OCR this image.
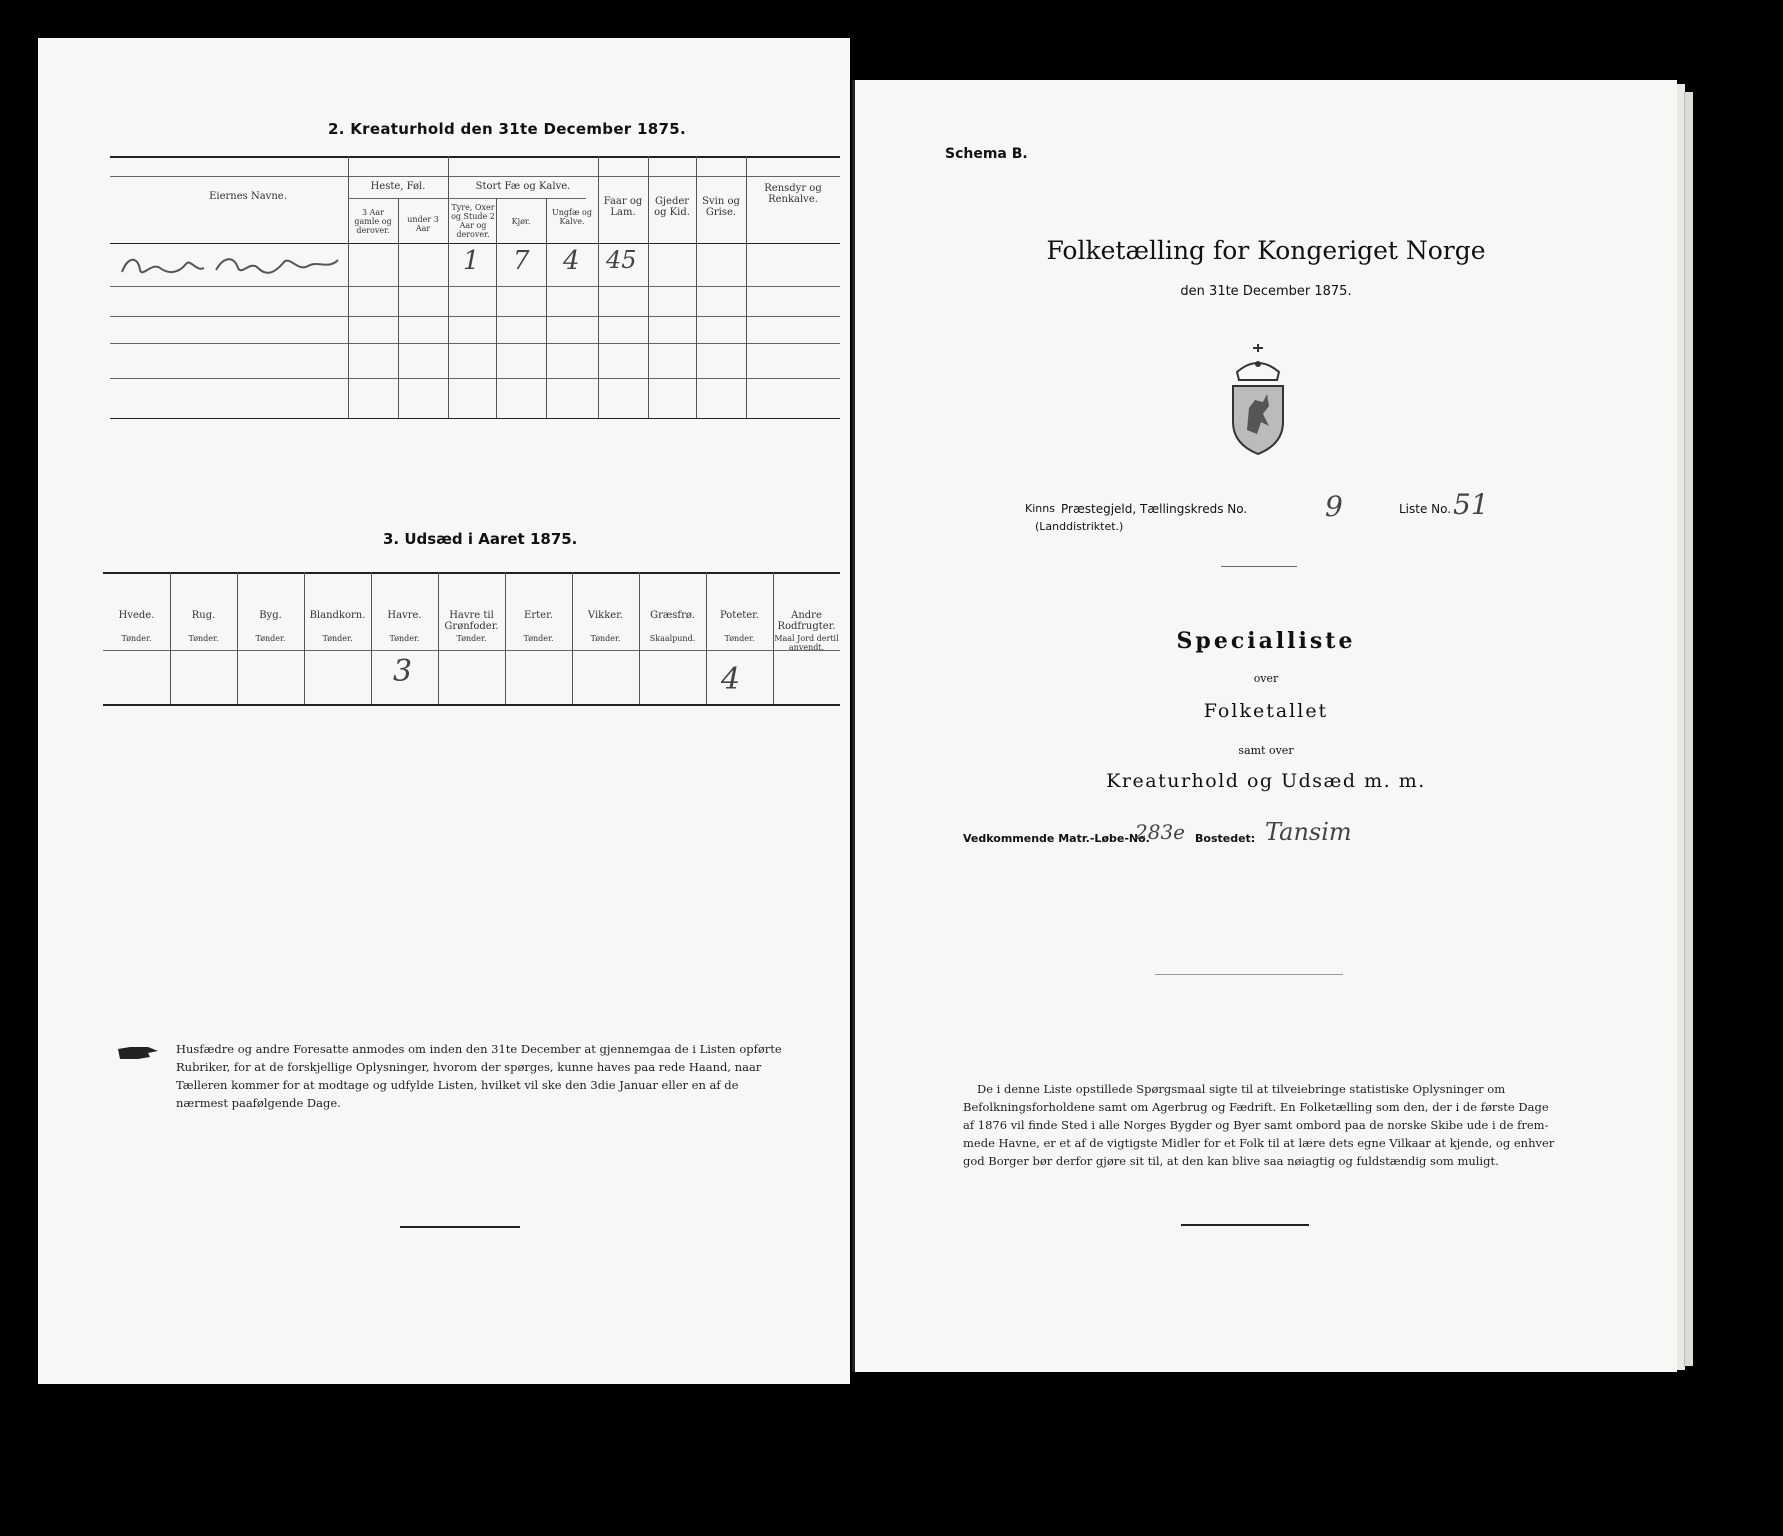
2. Kreaturhold den 31te December 1875.
Eiernes Navne.
Heste, Føl.
3 Aar gamle og derover.
under 3 Aar
Stort Fæ og Kalve.
Tyre, Oxer og Stude 2 Aar og derover.
Kjør.
Ungfæ og Kalve.
Faar og Lam.
Gjeder og Kid.
Svin og Grise.
Rensdyr og Renkalve.
1 7 4 45
3. Udsæd i Aaret 1875.
Hvede.
Tønder.
Rug.
Tønder.
Byg.
Tønder.
Blandkorn.
Tønder.
Havre.
Tønder.
Havre til Grønfoder.
Tønder.
Erter.
Tønder.
Vikker.
Tønder.
Græsfrø.
Skaalpund.
Poteter.
Tønder.
Andre Rodfrugter.
Maal Jord dertil anvendt.
3	4
Husfædre og andre Foresatte anmodes om inden den 31te December at gjennemgaa de i Listen opførte
Rubriker, for at de forskjellige Oplysninger, hvorom der spørges, kunne haves paa rede Haand, naar
Tælleren kommer for at modtage og udfylde Listen, hvilket vil ske den 3die Januar eller en af de
nærmest paafølgende Dage.
Schema B.
Folketælling for Kongeriget Norge
den 31te December 1875.
Kinns Præstegjeld, Tællingskreds No.
(Landdistriktet.)
9	Liste No. 51
Specialliste
over
Folketallet
samt over
Kreaturhold og Udsæd m. m.
Vedkommende Matr.-Løbe-No.
283e Bostedet: Tansim
De i denne Liste opstillede Spørgsmaal sigte til at tilveiebringe statistiske Oplysninger om
Befolkningsforholdene samt om Agerbrug og Fædrift. En Folketælling som den, der i de første Dage
af 1876 vil finde Sted i alle Norges Bygder og Byer samt ombord paa de norske Skibe ude i de frem-
mede Havne, er et af de vigtigste Midler for et Folk til at lære dets egne Vilkaar at kjende, og enhver
god Borger bør derfor gjøre sit til, at den kan blive saa nøiagtig og fuldstændig som muligt.
